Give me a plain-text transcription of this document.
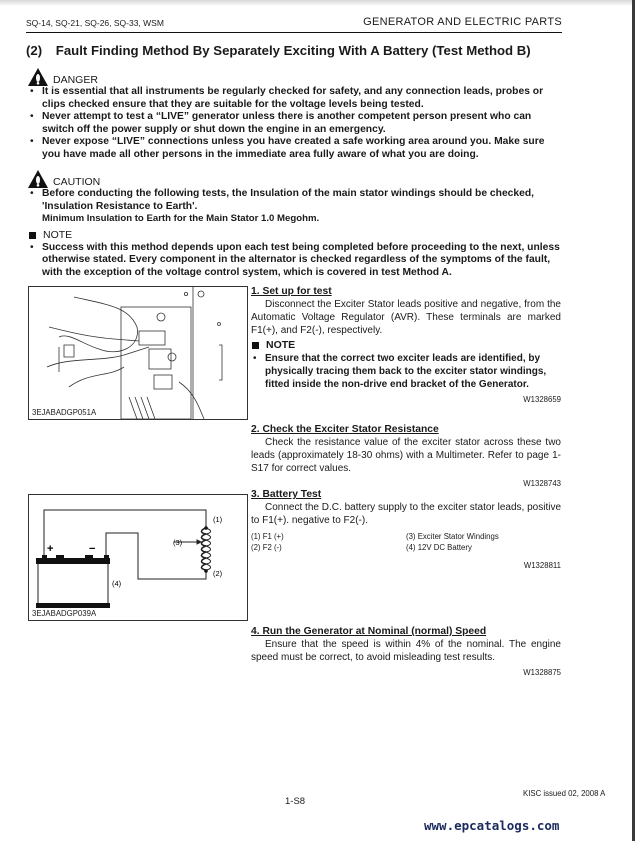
SQ-14, SQ-21, SQ-26, SQ-33, WSM	GENERATOR AND ELECTRIC PARTS
(2) Fault Finding Method By Separately Exciting With A Battery (Test Method B)
DANGER
• It is essential that all instruments be regularly checked for safety, and any connection leads, probes or clips checked ensure that they are suitable for the voltage levels being tested.
• Never attempt to test a “LIVE” generator unless there is another competent person present who can switch off the power supply or shut down the engine in an emergency.
• Never expose “LIVE” connections unless you have created a safe working area around you. Make sure you have made all other persons in the immediate area fully aware of what you are doing.
CAUTION
• Before conducting the following tests, the Insulation of the main stator windings should be checked, 'Insulation Resistance to Earth'.
Minimum Insulation to Earth for the Main Stator 1.0 Megohm.
NOTE
• Success with this method depends upon each test being completed before proceeding to the next, unless otherwise stated. Every component in the alternator is checked regardless of the symptoms of the fault, with the exception of the voltage control system, which is covered in test Method A.
3EJABADGP051A
+	−
(1)
(2)
(3)
(4)
3EJABADGP039A
1. Set up for test

Disconnect the Exciter Stator leads positive and negative, from the Automatic Voltage Regulator (AVR). These terminals are marked F1(+), and F2(-), respectively.

NOTE
• Ensure that the correct two exciter leads are identified, by physically tracing them back to the exciter stator windings, fitted inside the non-drive end bracket of the Generator.
W1328659
2. Check the Exciter Stator Resistance

Check the resistance value of the exciter stator across these two leads (approximately 18-30 ohms) with a Multimeter. Refer to page 1-S17 for correct values.

W1328743
3. Battery Test

Connect the D.C. battery supply to the exciter stator leads, positive to F1(+). negative to F2(-).

(1) F1 (+)	(3) Exciter Stator Windings
(2) F2 (-)	(4) 12V DC Battery
W1328811
4. Run the Generator at Nominal (normal) Speed

Ensure that the speed is within 4% of the nominal. The engine speed must be correct, to avoid misleading test results.

W1328875
1-S8
KISC issued 02, 2008 A
www.epcatalogs.com
